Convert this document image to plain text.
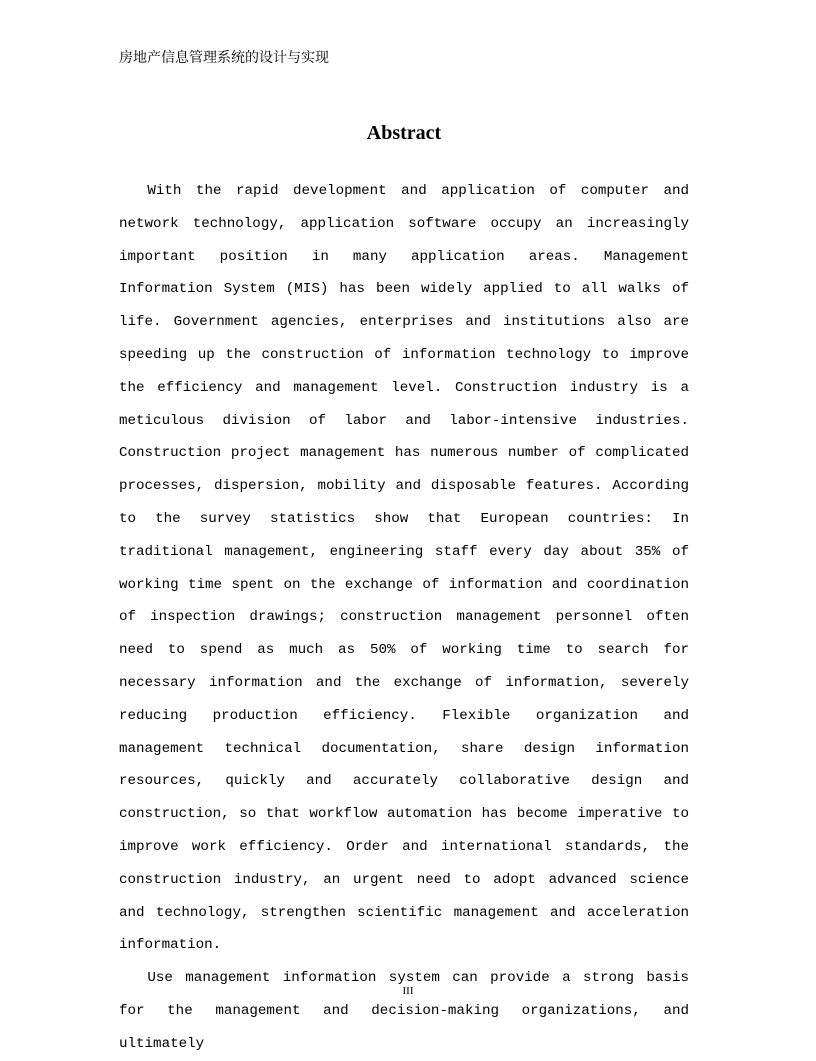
房地产信息管理系统的设计与实现
Abstract

With the rapid development and application of computer and network technology, application software occupy an increasingly important position in many application areas. Management Information System (MIS) has been widely applied to all walks of life. Government agencies, enterprises and institutions also are speeding up the construction of information technology to improve the efficiency and management level. Construction industry is a meticulous division of labor and labor-intensive industries. Construction project management has numerous number of complicated processes, dispersion, mobility and disposable features. According to the survey statistics show that European countries: In traditional management, engineering staff every day about 35% of working time spent on the exchange of information and coordination of inspection drawings; construction management personnel often need to spend as much as 50% of working time to search for necessary information and the exchange of information, severely reducing production efficiency. Flexible organization and management technical documentation, share design information resources, quickly and accurately collaborative design and construction, so that workflow automation has become imperative to improve work efficiency. Order and international standards, the construction industry, an urgent need to adopt advanced science and technology, strengthen scientific management and acceleration information.

Use management information system can provide a strong basis for the management and decision-making organizations, and ultimately

III
